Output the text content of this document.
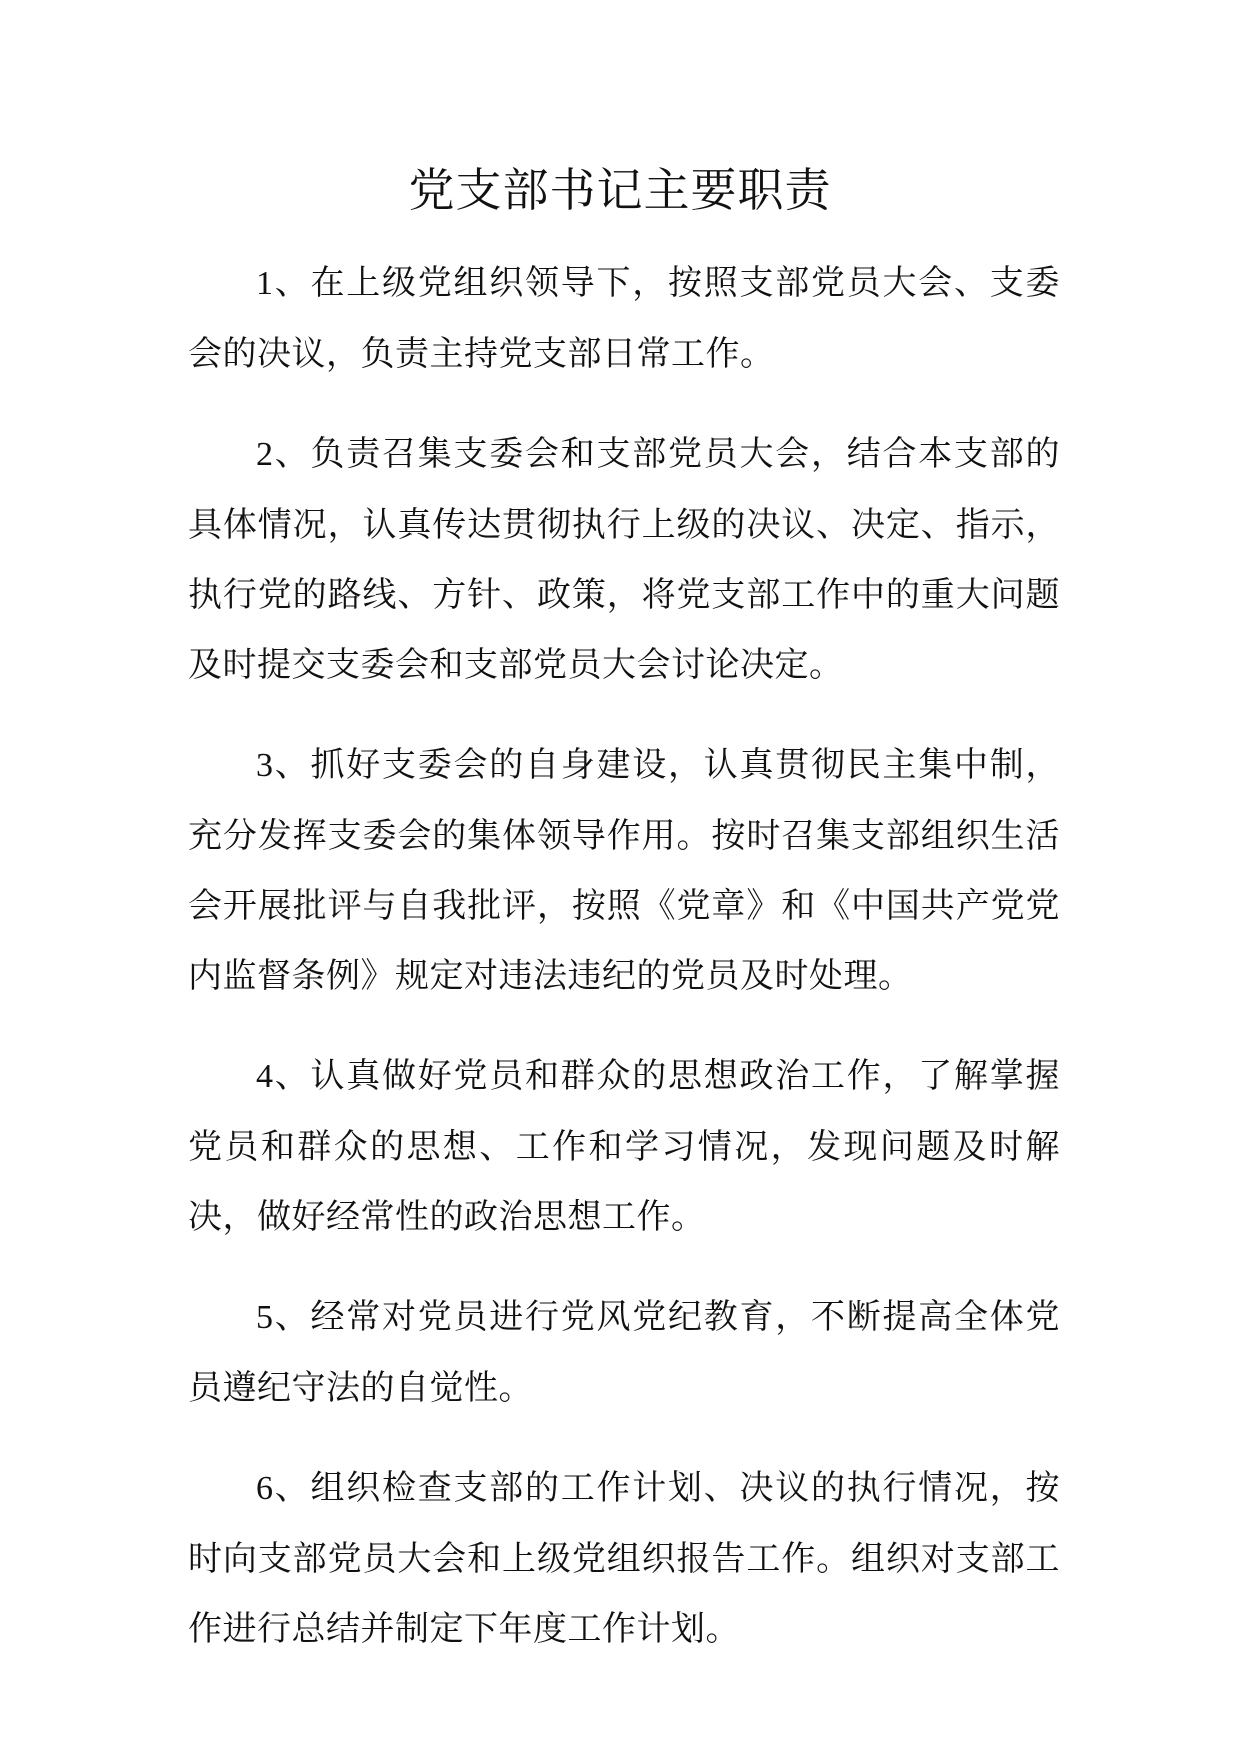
党支部书记主要职责

1、在上级党组织领导下，按照支部党员大会、支委会的决议，负责主持党支部日常工作。

2、负责召集支委会和支部党员大会，结合本支部的具体情况，认真传达贯彻执行上级的决议、决定、指示，执行党的路线、方针、政策，将党支部工作中的重大问题及时提交支委会和支部党员大会讨论决定。

3、抓好支委会的自身建设，认真贯彻民主集中制，充分发挥支委会的集体领导作用。按时召集支部组织生活会开展批评与自我批评，按照《党章》和《中国共产党党内监督条例》规定对违法违纪的党员及时处理。

4、认真做好党员和群众的思想政治工作，了解掌握党员和群众的思想、工作和学习情况，发现问题及时解决，做好经常性的政治思想工作。

5、经常对党员进行党风党纪教育，不断提高全体党员遵纪守法的自觉性。

6、组织检查支部的工作计划、决议的执行情况，按时向支部党员大会和上级党组织报告工作。组织对支部工作进行总结并制定下年度工作计划。
